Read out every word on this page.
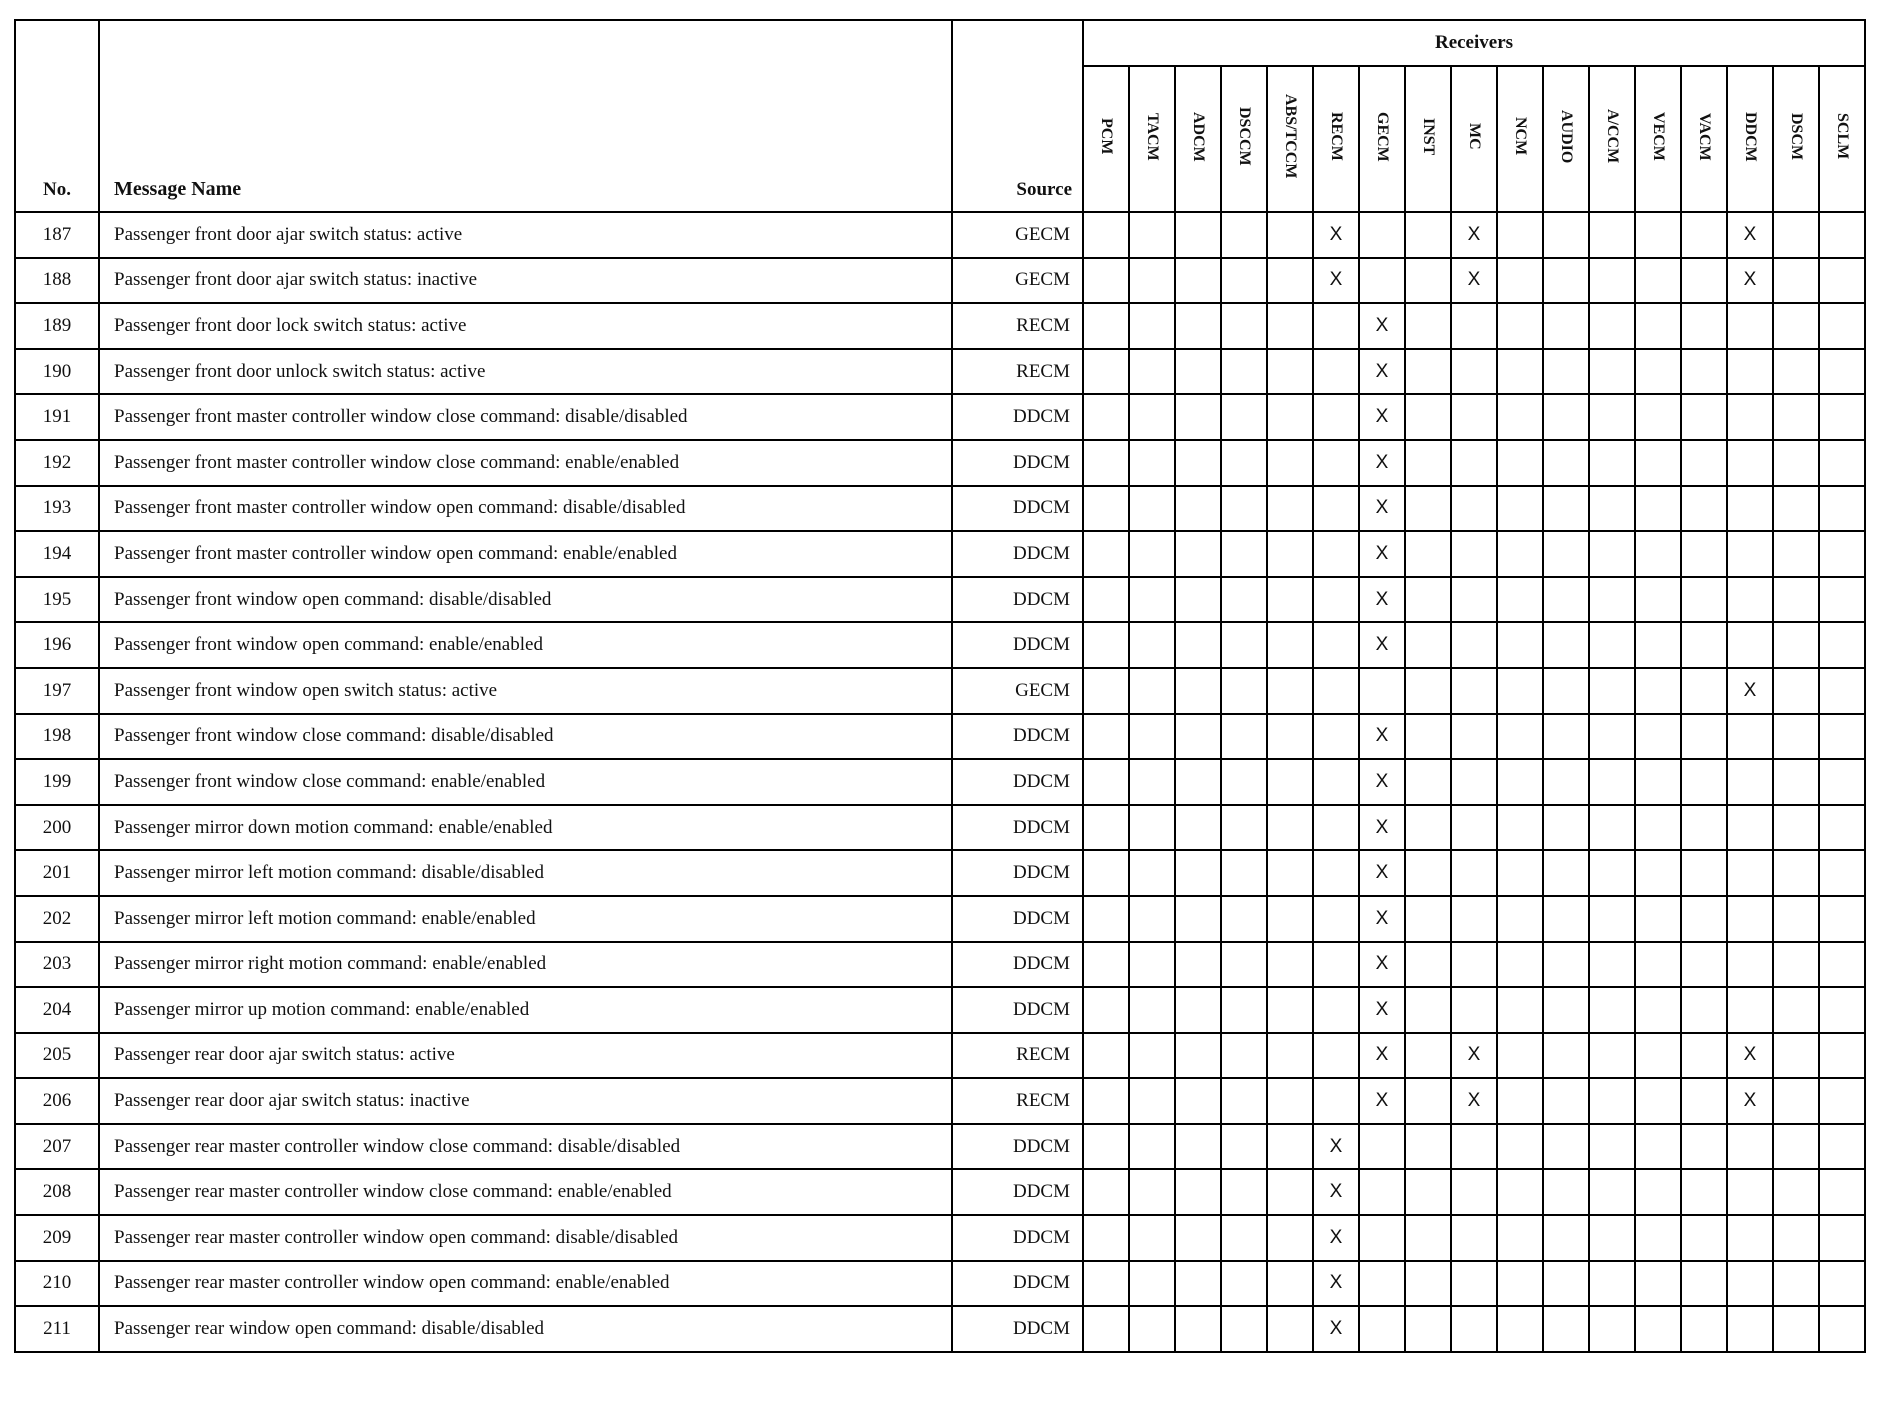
No.	Message Name	Source	Receivers																
			PCM	TACM	ADCM	DSCCM	ABS/TCCM	RECM	GECM	INST	MC	NCM	AUDIO	A/CCM	VECM	VACM	DDCM	DSCM	SCLM
187	Passenger front door ajar switch status: active	GECM						X			X						X		
188	Passenger front door ajar switch status: inactive	GECM						X			X						X		
189	Passenger front door lock switch status: active	RECM							X										
190	Passenger front door unlock switch status: active	RECM							X										
191	Passenger front master controller window close command: disable/disabled	DDCM							X										
192	Passenger front master controller window close command: enable/enabled	DDCM							X										
193	Passenger front master controller window open command: disable/disabled	DDCM							X										
194	Passenger front master controller window open command: enable/enabled	DDCM							X										
195	Passenger front window open command: disable/disabled	DDCM							X										
196	Passenger front window open command: enable/enabled	DDCM							X										
197	Passenger front window open switch status: active	GECM															X		
198	Passenger front window close command: disable/disabled	DDCM							X										
199	Passenger front window close command: enable/enabled	DDCM							X										
200	Passenger mirror down motion command: enable/enabled	DDCM							X										
201	Passenger mirror left motion command: disable/disabled	DDCM							X										
202	Passenger mirror left motion command: enable/enabled	DDCM							X										
203	Passenger mirror right motion command: enable/enabled	DDCM							X										
204	Passenger mirror up motion command: enable/enabled	DDCM							X										
205	Passenger rear door ajar switch status: active	RECM							X		X						X		
206	Passenger rear door ajar switch status: inactive	RECM							X		X						X		
207	Passenger rear master controller window close command: disable/disabled	DDCM						X											
208	Passenger rear master controller window close command: enable/enabled	DDCM						X											
209	Passenger rear master controller window open command: disable/disabled	DDCM						X											
210	Passenger rear master controller window open command: enable/enabled	DDCM						X											
211	Passenger rear window open command: disable/disabled	DDCM						X											
